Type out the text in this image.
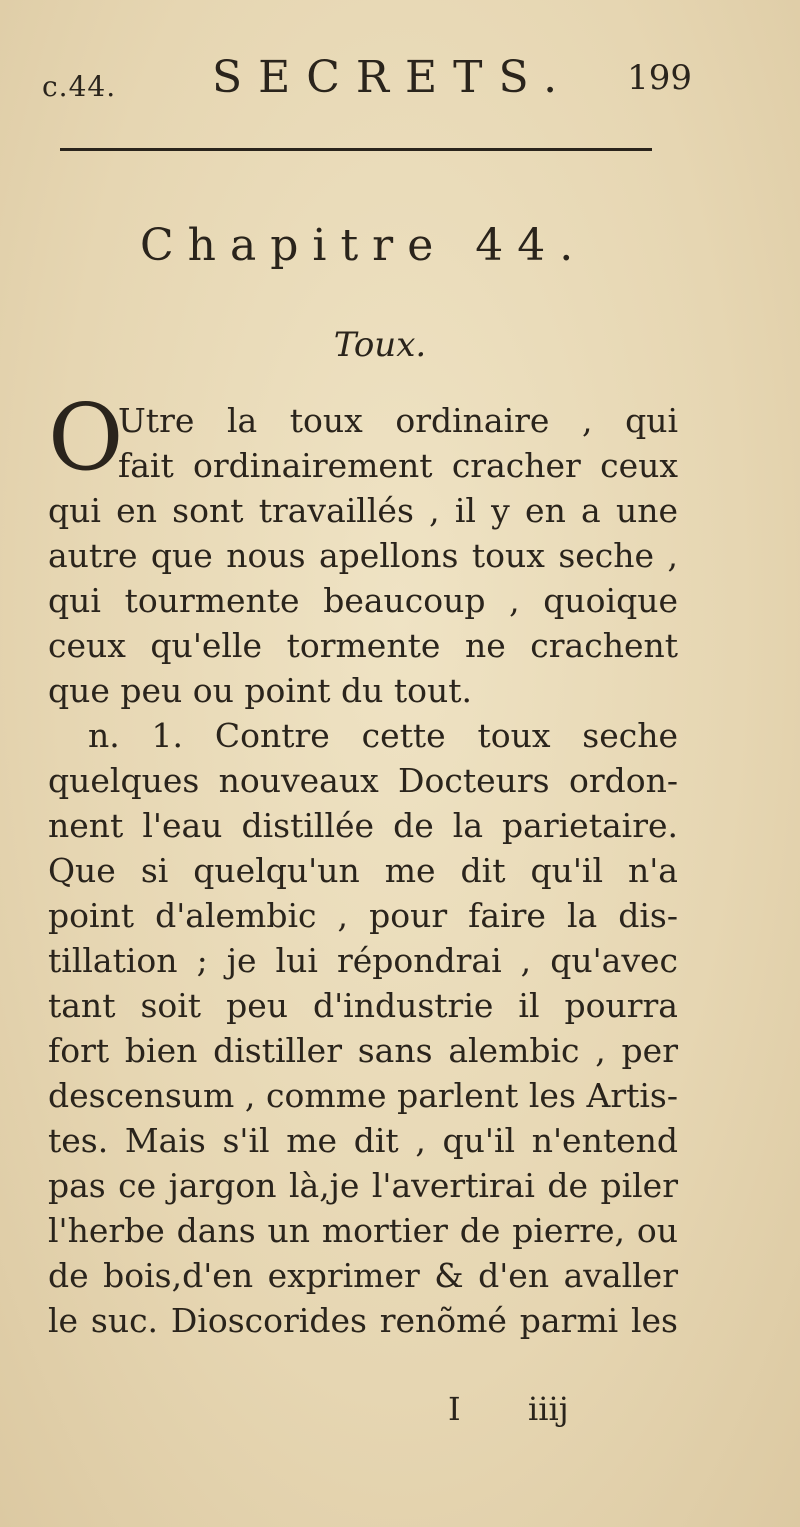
c.44. SECRETS. 199
Chapitre 44.
Toux.
O
Utre la toux ordinaire , qui
fait ordinairement cracher ceux
qui en sont travaillés , il y en a une
autre que nous apellons toux seche ,
qui tourmente beaucoup , quoique
ceux qu'elle tormente ne crachent
que peu ou point du tout.
n. 1. Contre cette toux seche
quelques nouveaux Docteurs ordon-
nent l'eau distillée de la parietaire.
Que si quelqu'un me dit qu'il n'a
point d'alembic , pour faire la dis-
tillation ; je lui répondrai , qu'avec
tant soit peu d'industrie il pourra
fort bien distiller sans alembic , per
descensum , comme parlent les Artis-
tes. Mais s'il me dit , qu'il n'entend
pas ce jargon là,je l'avertirai de piler
l'herbe dans un mortier de pierre, ou
de bois,d'en exprimer & d'en avaller
le suc. Dioscorides renõmé parmi les
I iiij
